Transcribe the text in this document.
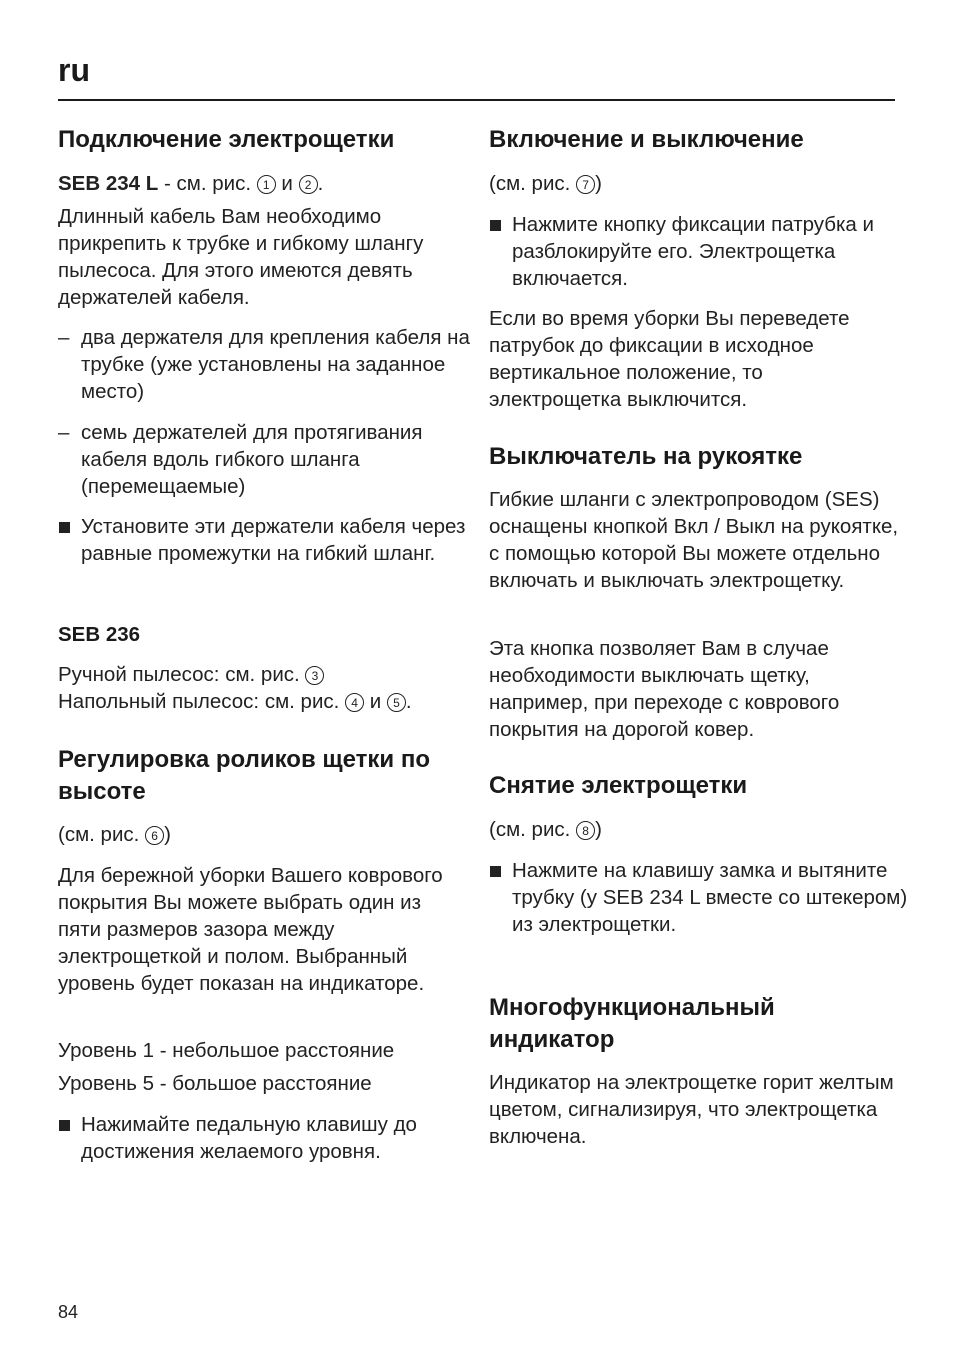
ru
Подключение электрощетки
SEB 234 L - см. рис. 1 и 2 .

Длинный кабель Вам необходимо прикрепить к трубке и гибкому шлангу пылесоса. Для этого имеются девять держателей кабеля.

– два держателя для крепления кабеля на трубке (уже установлены на заданное место)
– семь держателей для протягивания кабеля вдоль гибкого шланга (перемещаемые)
Установите эти держатели кабеля через равные промежутки на гибкий шланг.
SEB 236
Ручной пылесос: см. рис. 3
Напольный пылесос: см. рис. 4 и 5 .
Регулировка роликов щетки по высоте
(см. рис. 6 )

Для бережной уборки Вашего коврового покрытия Вы можете выбрать один из пяти размеров зазора между электрощеткой и полом. Выбранный уровень будет показан на индикаторе.

Уровень 1 - небольшое расстояние
Уровень 5 - большое расстояние
Нажимайте педальную клавишу до достижения желаемого уровня.
Включение и выключение
(см. рис. 7 )
Нажмите кнопку фиксации патрубка и разблокируйте его. Электрощетка включается.

Если во время уборки Вы переведете патрубок до фиксации в исходное вертикальное положение, то электрощетка выключится.

Выключатель на рукоятке

Гибкие шланги с электропроводом (SES) оснащены кнопкой Вкл / Выкл на рукоятке, с помощью которой Вы можете отдельно включать и выключать электрощетку.

Эта кнопка позволяет Вам в случае необходимости выключать щетку, например, при переходе с коврового покрытия на дорогой ковер.

Снятие электрощетки
(см. рис. 8 )
Нажмите на клавишу замка и вытяните трубку (у SEB 234 L вместе со штекером) из электрощетки.
Многофункциональный индикатор

Индикатор на электрощетке горит желтым цветом, сигнализируя, что электрощетка включена.

84
